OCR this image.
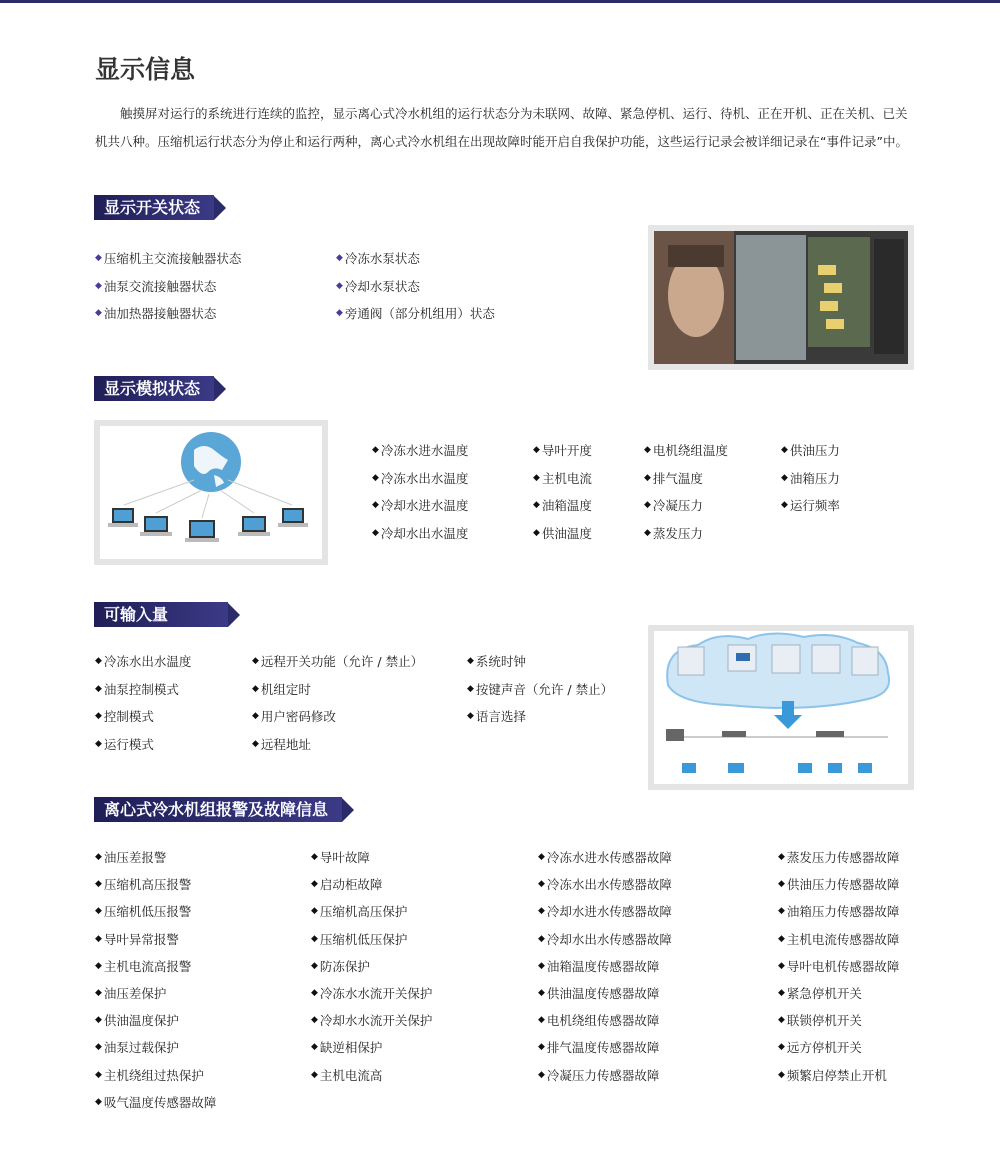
显示信息

触摸屏对运行的系统进行连续的监控，显示离心式冷水机组的运行状态分为未联网、故障、紧急停机、运行、待机、正在开机、正在关机、已关机共八种。压缩机运行状态分为停止和运行两种，离心式冷水机组在出现故障时能开启自我保护功能，这些运行记录会被详细记录在“事件记录”中。

显示开关状态
◆ 压缩机主交流接触器状态
◆ 油泵交流接触器状态
◆ 油加热器接触器状态
◆ 冷冻水泵状态
◆ 冷却水泵状态
◆ 旁通阀（部分机组用）状态
显示模拟状态
◆ 冷冻水进水温度
◆ 冷冻水出水温度
◆ 冷却水进水温度
◆ 冷却水出水温度
◆ 导叶开度
◆ 主机电流
◆ 油箱温度
◆ 供油温度
◆ 电机绕组温度
◆ 排气温度
◆ 冷凝压力
◆ 蒸发压力
◆ 供油压力
◆ 油箱压力
◆ 运行频率
可输入量
◆ 冷冻水出水温度
◆ 油泵控制模式
◆ 控制模式
◆ 运行模式
◆ 远程开关功能（允许 / 禁止）
◆ 机组定时
◆ 用户密码修改
◆ 远程地址
◆ 系统时钟
◆ 按键声音（允许 / 禁止）
◆ 语言选择
离心式冷水机组报警及故障信息
◆ 油压差报警
◆ 压缩机高压报警
◆ 压缩机低压报警
◆ 导叶异常报警
◆ 主机电流高报警
◆ 油压差保护
◆ 供油温度保护
◆ 油泵过载保护
◆ 主机绕组过热保护
◆ 吸气温度传感器故障
◆ 导叶故障
◆ 启动柜故障
◆ 压缩机高压保护
◆ 压缩机低压保护
◆ 防冻保护
◆ 冷冻水水流开关保护
◆ 冷却水水流开关保护
◆ 缺逆相保护
◆ 主机电流高
◆ 冷冻水进水传感器故障
◆ 冷冻水出水传感器故障
◆ 冷却水进水传感器故障
◆ 冷却水出水传感器故障
◆ 油箱温度传感器故障
◆ 供油温度传感器故障
◆ 电机绕组传感器故障
◆ 排气温度传感器故障
◆ 冷凝压力传感器故障
◆ 蒸发压力传感器故障
◆ 供油压力传感器故障
◆ 油箱压力传感器故障
◆ 主机电流传感器故障
◆ 导叶电机传感器故障
◆ 紧急停机开关
◆ 联锁停机开关
◆ 远方停机开关
◆ 频繁启停禁止开机
